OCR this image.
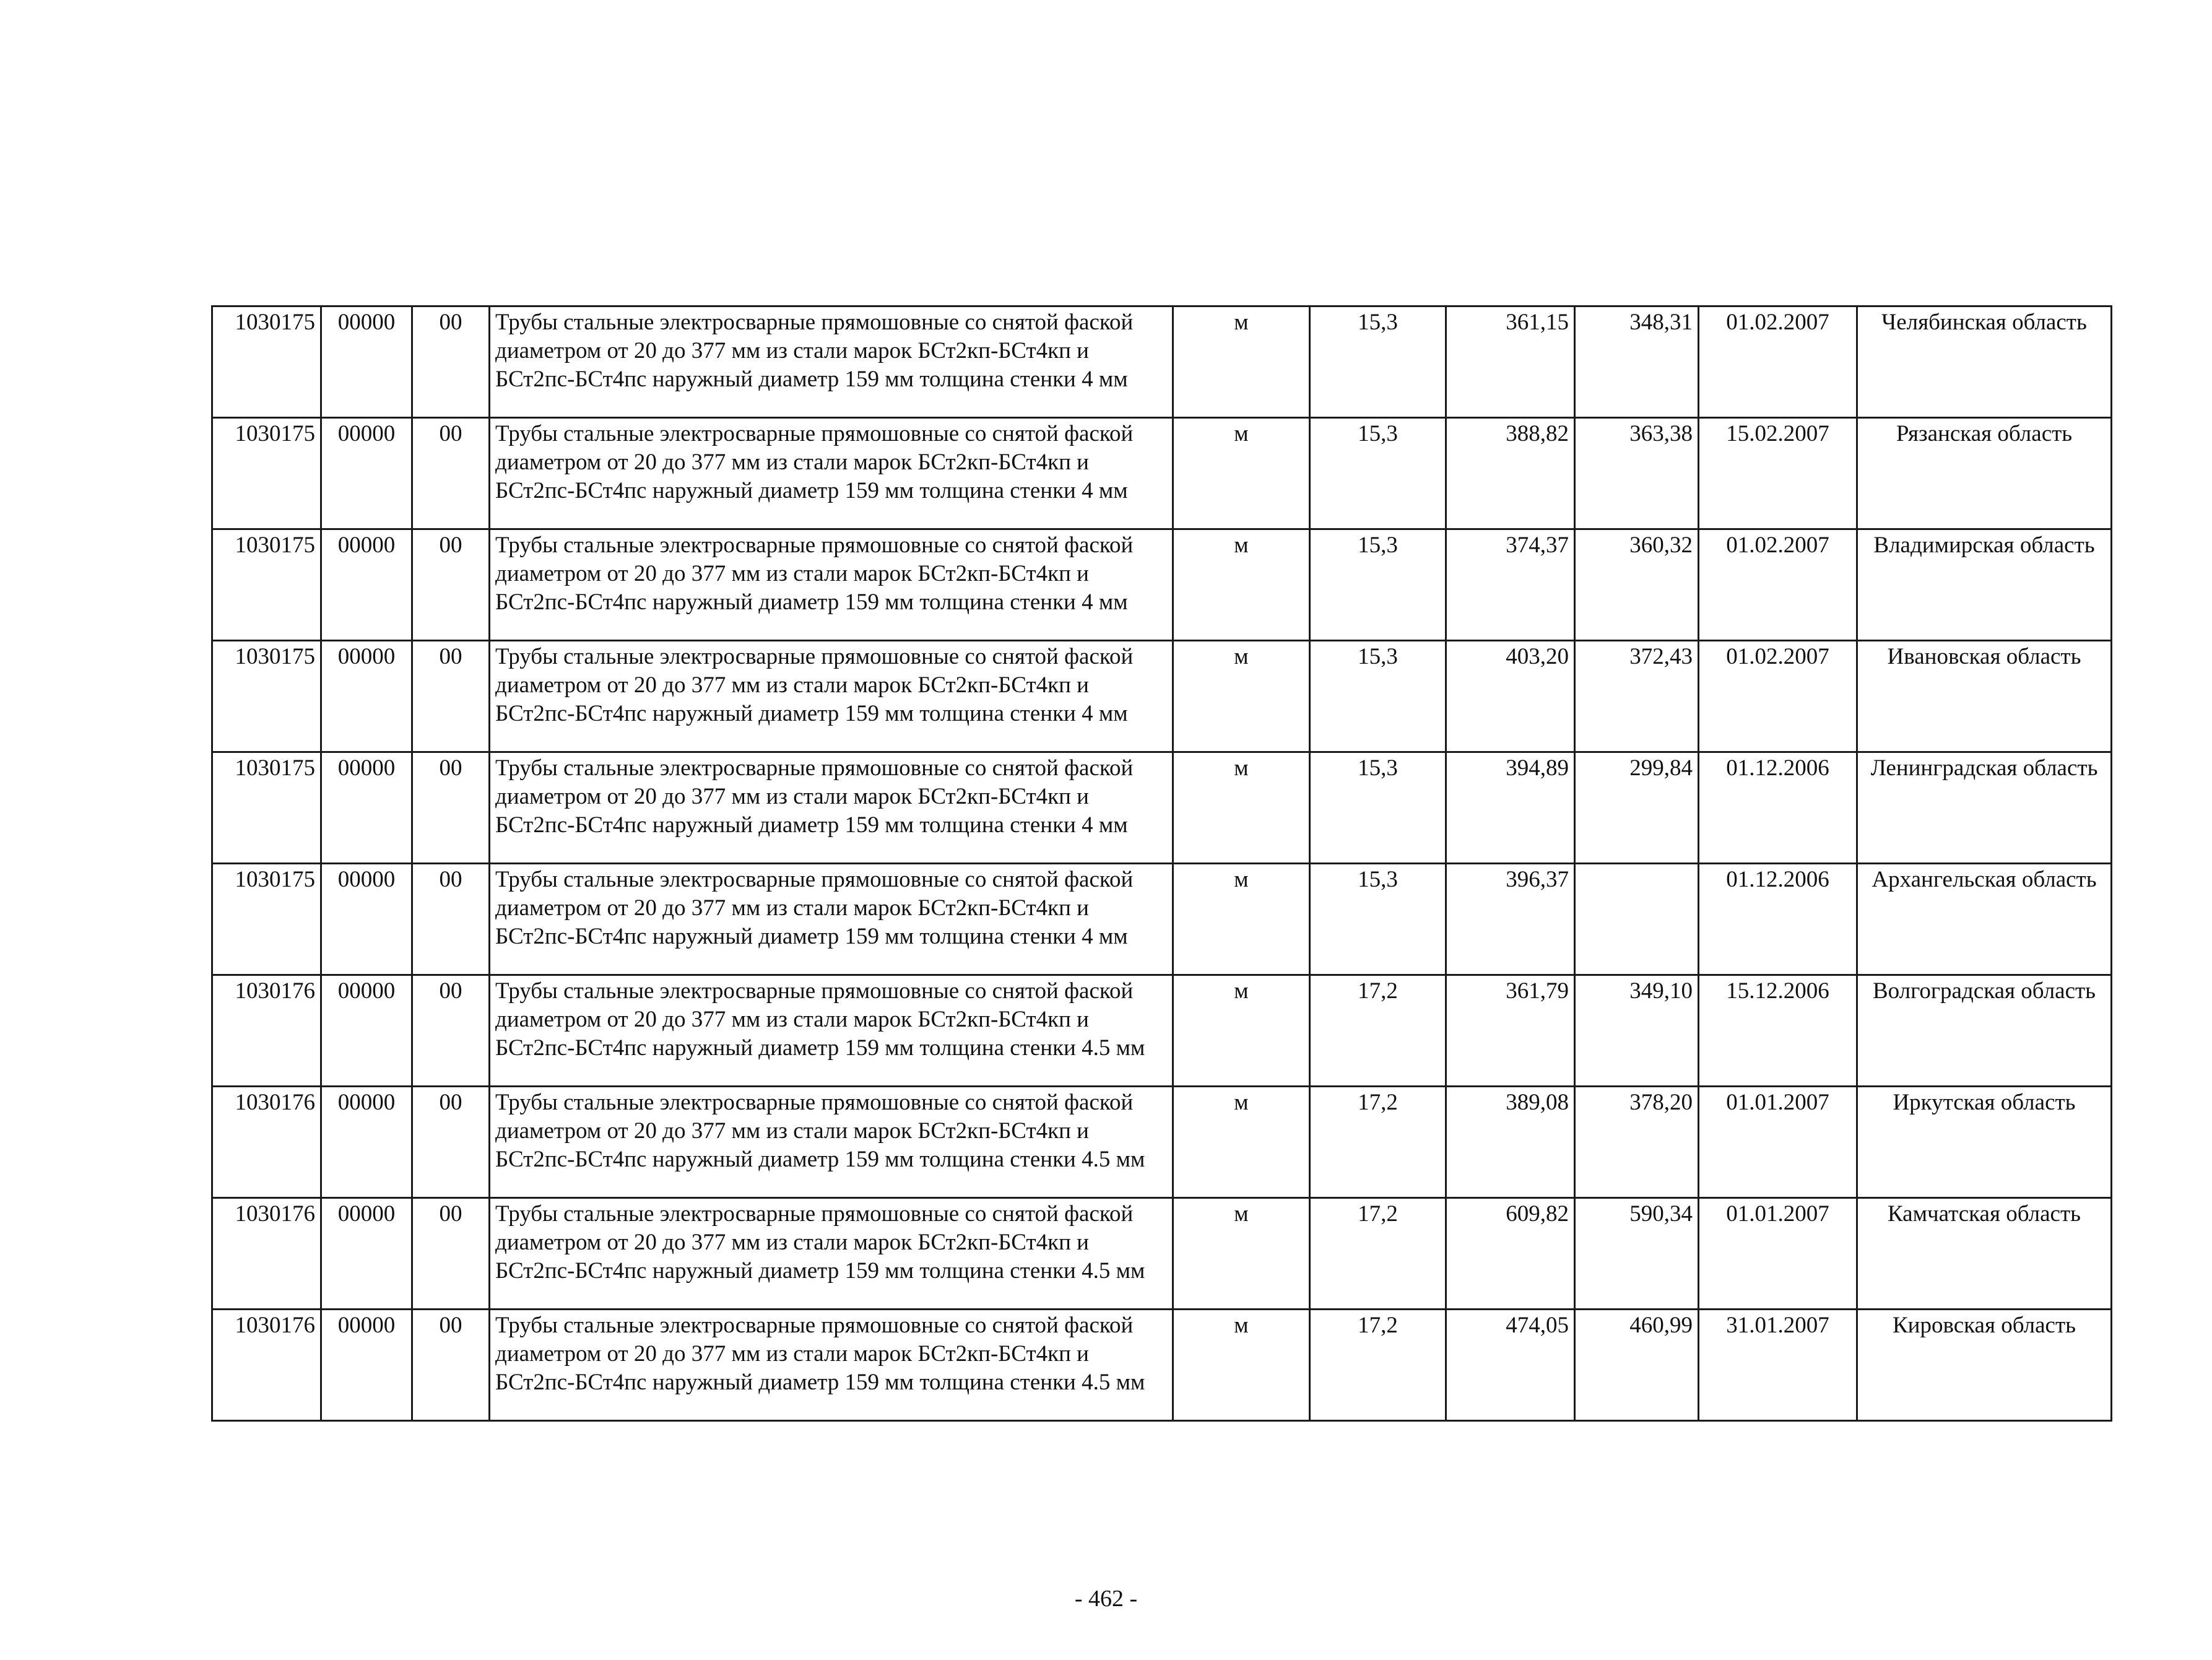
1030175	00000	00	Трубы стальные электросварные прямошовные со снятой фаской диаметром от 20 до 377 мм из стали марок БСт2кп-БСт4кп и БСт2пс-БСт4пс наружный диаметр 159 мм толщина стенки 4 мм	м	15,3	361,15	348,31	01.02.2007	Челябинская область
1030175	00000	00	Трубы стальные электросварные прямошовные со снятой фаской диаметром от 20 до 377 мм из стали марок БСт2кп-БСт4кп и БСт2пс-БСт4пс наружный диаметр 159 мм толщина стенки 4 мм	м	15,3	388,82	363,38	15.02.2007	Рязанская область
1030175	00000	00	Трубы стальные электросварные прямошовные со снятой фаской диаметром от 20 до 377 мм из стали марок БСт2кп-БСт4кп и БСт2пс-БСт4пс наружный диаметр 159 мм толщина стенки 4 мм	м	15,3	374,37	360,32	01.02.2007	Владимирская область
1030175	00000	00	Трубы стальные электросварные прямошовные со снятой фаской диаметром от 20 до 377 мм из стали марок БСт2кп-БСт4кп и БСт2пс-БСт4пс наружный диаметр 159 мм толщина стенки 4 мм	м	15,3	403,20	372,43	01.02.2007	Ивановская область
1030175	00000	00	Трубы стальные электросварные прямошовные со снятой фаской диаметром от 20 до 377 мм из стали марок БСт2кп-БСт4кп и БСт2пс-БСт4пс наружный диаметр 159 мм толщина стенки 4 мм	м	15,3	394,89	299,84	01.12.2006	Ленинградская область
1030175	00000	00	Трубы стальные электросварные прямошовные со снятой фаской диаметром от 20 до 377 мм из стали марок БСт2кп-БСт4кп и БСт2пс-БСт4пс наружный диаметр 159 мм толщина стенки 4 мм	м	15,3	396,37		01.12.2006	Архангельская область
1030176	00000	00	Трубы стальные электросварные прямошовные со снятой фаской диаметром от 20 до 377 мм из стали марок БСт2кп-БСт4кп и БСт2пс-БСт4пс наружный диаметр 159 мм толщина стенки 4.5 мм	м	17,2	361,79	349,10	15.12.2006	Волгоградская область
1030176	00000	00	Трубы стальные электросварные прямошовные со снятой фаской диаметром от 20 до 377 мм из стали марок БСт2кп-БСт4кп и БСт2пс-БСт4пс наружный диаметр 159 мм толщина стенки 4.5 мм	м	17,2	389,08	378,20	01.01.2007	Иркутская область
1030176	00000	00	Трубы стальные электросварные прямошовные со снятой фаской диаметром от 20 до 377 мм из стали марок БСт2кп-БСт4кп и БСт2пс-БСт4пс наружный диаметр 159 мм толщина стенки 4.5 мм	м	17,2	609,82	590,34	01.01.2007	Камчатская область
1030176	00000	00	Трубы стальные электросварные прямошовные со снятой фаской диаметром от 20 до 377 мм из стали марок БСт2кп-БСт4кп и БСт2пс-БСт4пс наружный диаметр 159 мм толщина стенки 4.5 мм	м	17,2	474,05	460,99	31.01.2007	Кировская область
- 462 -
